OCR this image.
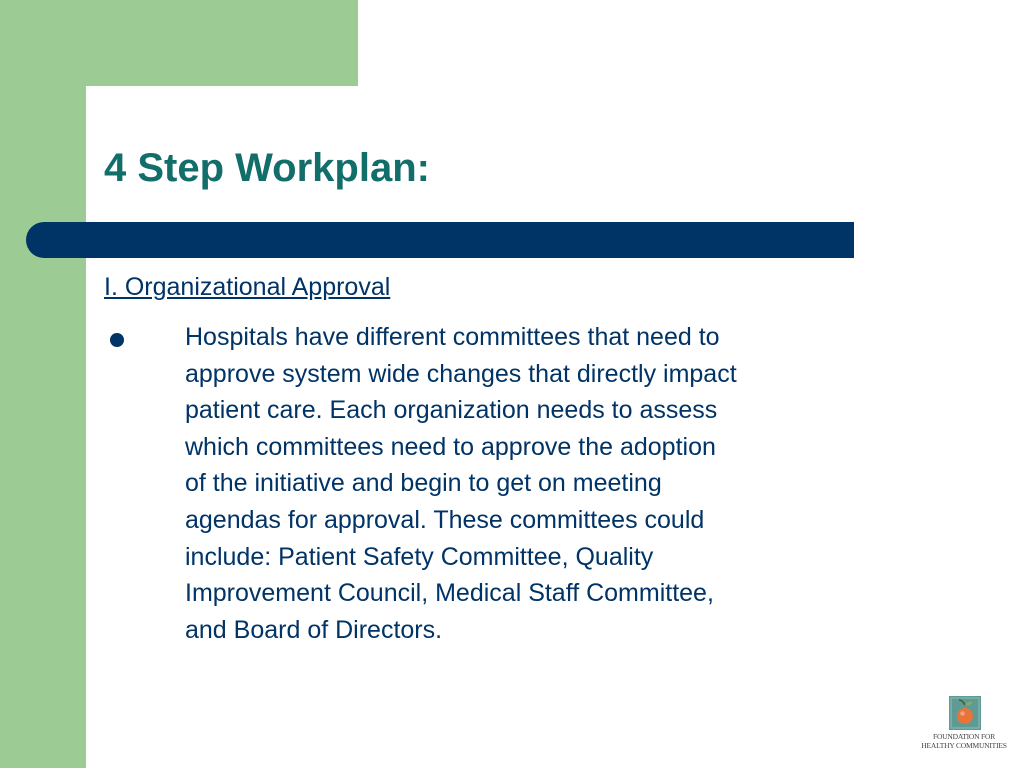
4 Step Workplan:
I. Organizational Approval

Hospitals have different committees that need to
approve system wide changes that directly impact
patient care. Each organization needs to assess
which committees need to approve the adoption
of the initiative and begin to get on meeting
agendas for approval. These committees could
include: Patient Safety Committee, Quality
Improvement Council, Medical Staff Committee,
and Board of Directors.

FOUNDATION FOR
HEALTHY COMMUNITIES
